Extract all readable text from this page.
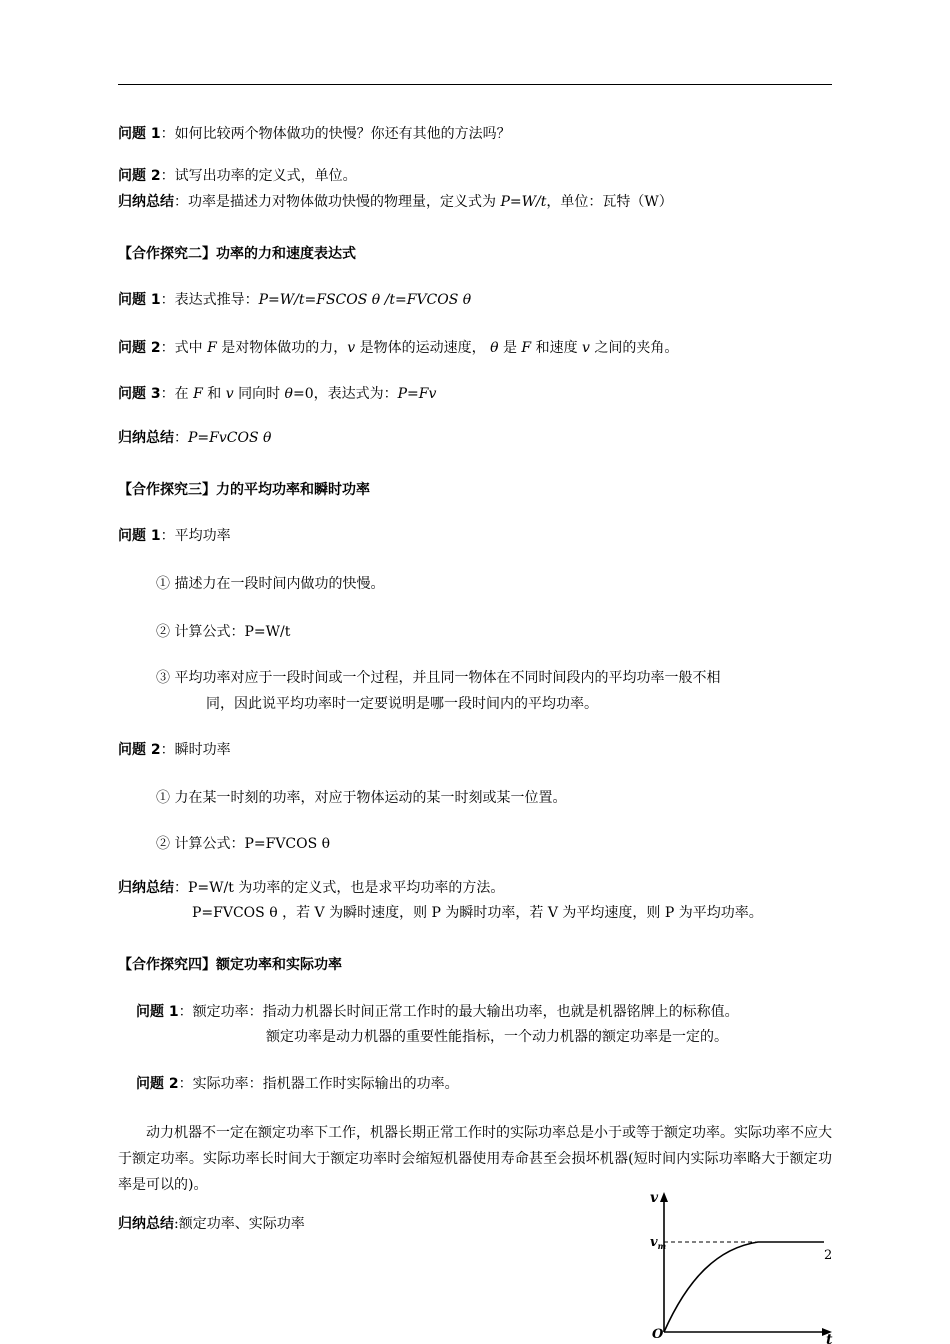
问题 1：如何比较两个物体做功的快慢？你还有其他的方法吗？
问题 2：试写出功率的定义式，单位。
归纳总结：功率是描述力对物体做功快慢的物理量，定义式为 P=W/t，单位：瓦特（W）
【合作探究二】功率的力和速度表达式
问题 1：表达式推导：P=W/t=FSCOS θ /t=FVCOS θ
问题 2：式中 F 是对物体做功的力，v 是物体的运动速度， θ 是 F 和速度 v 之间的夹角。
问题 3：在 F 和 v 同向时 θ=0，表达式为：P=Fv
归纳总结：P=FvCOS θ
【合作探究三】力的平均功率和瞬时功率
问题 1：平均功率
① 描述力在一段时间内做功的快慢。
② 计算公式：P=W/t
③ 平均功率对应于一段时间或一个过程，并且同一物体在不同时间段内的平均功率一般不相
同，因此说平均功率时一定要说明是哪一段时间内的平均功率。
问题 2：瞬时功率
① 力在某一时刻的功率，对应于物体运动的某一时刻或某一位置。
② 计算公式：P=FVCOS θ
归纳总结：P=W/t 为功率的定义式，也是求平均功率的方法。
P=FVCOS θ ，若 V 为瞬时速度，则 P 为瞬时功率，若 V 为平均速度，则 P 为平均功率。
【合作探究四】额定功率和实际功率
问题 1：额定功率：指动力机器长时间正常工作时的最大输出功率，也就是机器铭牌上的标称值。
额定功率是动力机器的重要性能指标，一个动力机器的额定功率是一定的。
问题 2：实际功率：指机器工作时实际输出的功率。
动力机器不一定在额定功率下工作，机器长期正常工作时的实际功率总是小于或等于额定功率。实际功率不应大于额定功率。实际功率长时间大于额定功率时会缩短机器使用寿命甚至会损坏机器(短时间内实际功率略大于额定功率是可以的)。
归纳总结:额定功率、实际功率
v
t
O
$v_m$
2
